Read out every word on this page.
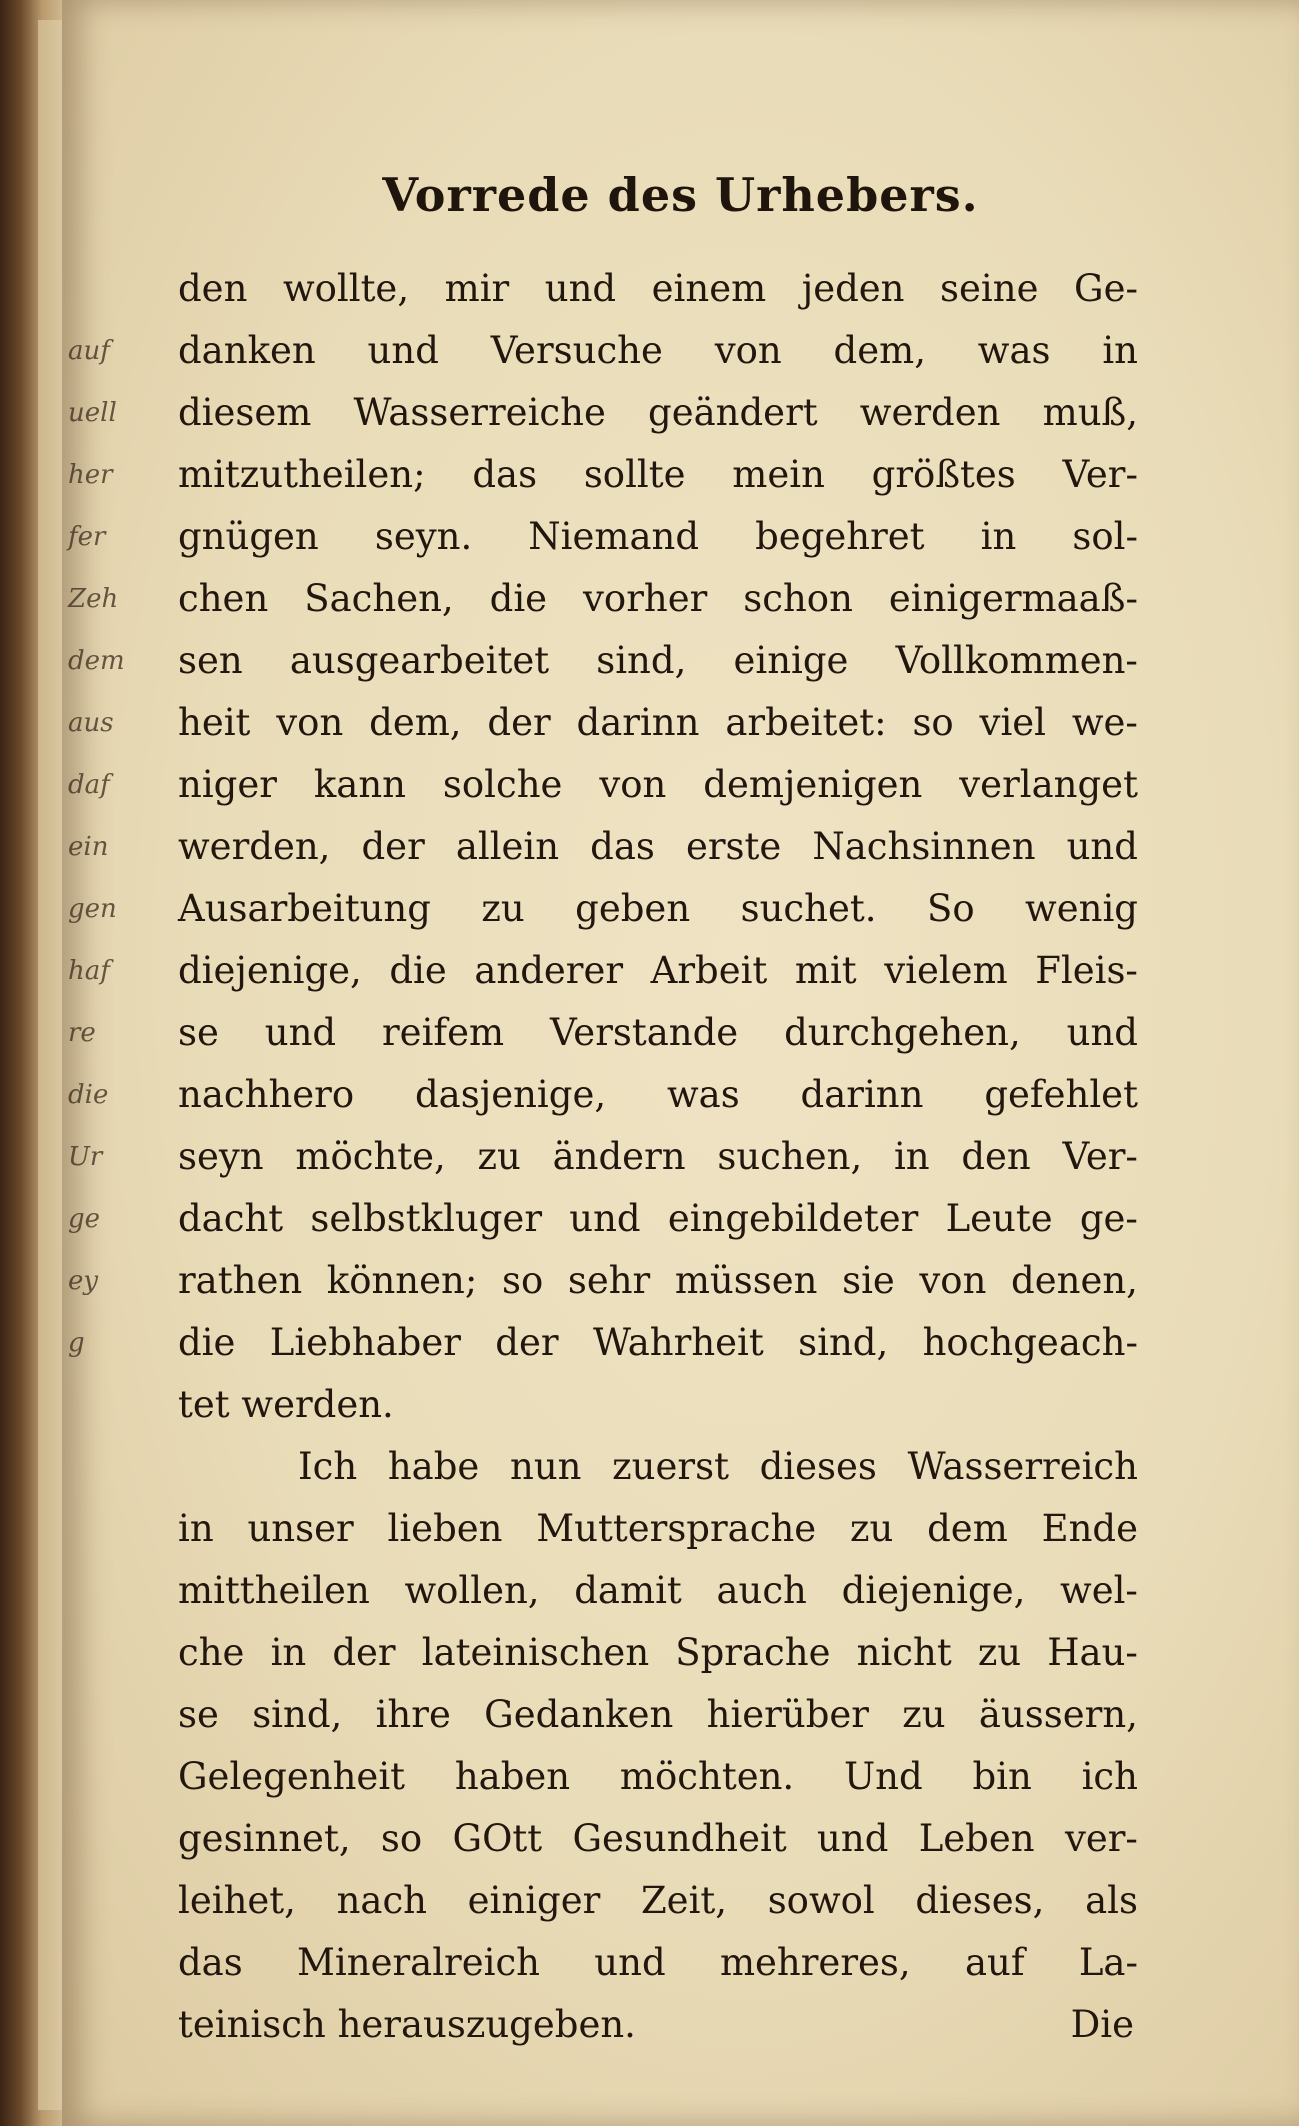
auf
uell
her
fer
Zeh
dem
aus
daf
ein
gen
haf
re
die
Ur
ge
ey
g
Vorrede des Urhebers.
den wollte, mir und einem jeden seine Ge-
danken und Versuche von dem, was in
diesem Wasserreiche geändert werden muß,
mitzutheilen; das sollte mein größtes Ver-
gnügen seyn. Niemand begehret in sol-
chen Sachen, die vorher schon einigermaaß-
sen ausgearbeitet sind, einige Vollkommen-
heit von dem, der darinn arbeitet: so viel we-
niger kann solche von demjenigen verlanget
werden, der allein das erste Nachsinnen und
Ausarbeitung zu geben suchet. So wenig
diejenige, die anderer Arbeit mit vielem Fleis-
se und reifem Verstande durchgehen, und
nachhero dasjenige, was darinn gefehlet
seyn möchte, zu ändern suchen, in den Ver-
dacht selbstkluger und eingebildeter Leute ge-
rathen können; so sehr müssen sie von denen,
die Liebhaber der Wahrheit sind, hochgeach-
tet werden.
Ich habe nun zuerst dieses Wasserreich
in unser lieben Muttersprache zu dem Ende
mittheilen wollen, damit auch diejenige, wel-
che in der lateinischen Sprache nicht zu Hau-
se sind, ihre Gedanken hierüber zu äussern,
Gelegenheit haben möchten. Und bin ich
gesinnet, so GOtt Gesundheit und Leben ver-
leihet, nach einiger Zeit, sowol dieses, als
das Mineralreich und mehreres, auf La-
teinisch herauszugeben.	Die
